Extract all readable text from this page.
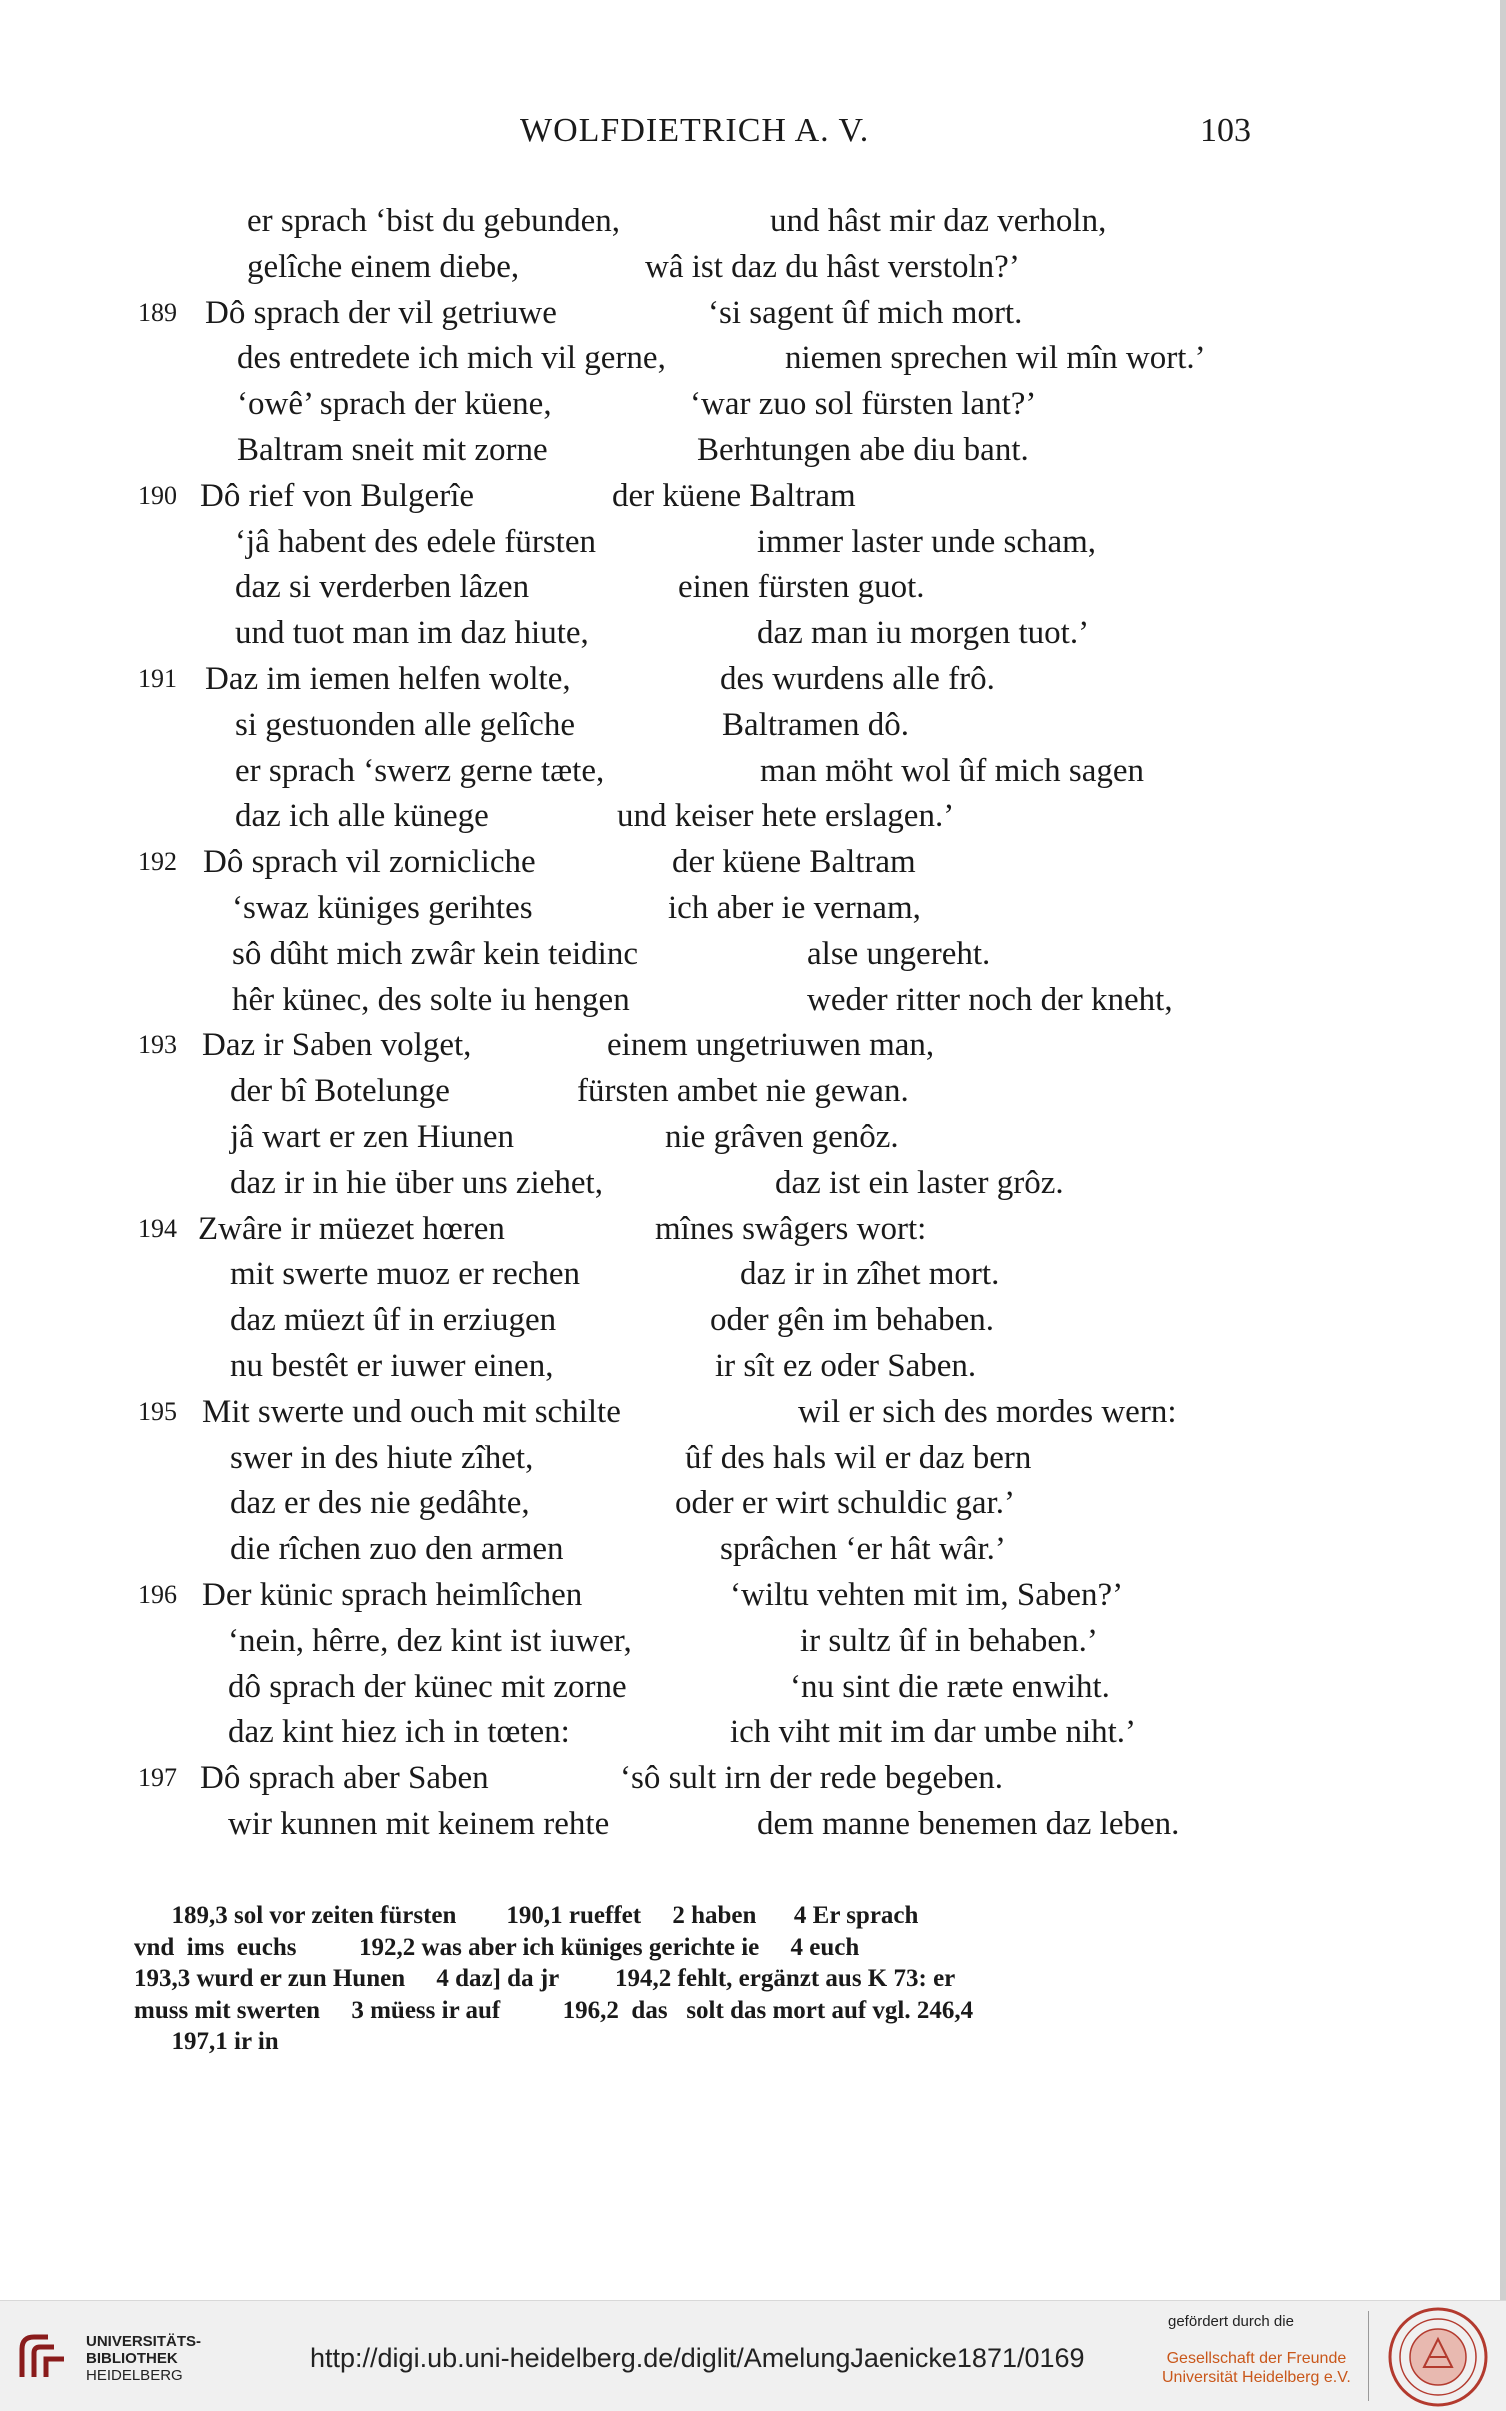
WOLFDIETRICH A. V.	103
er sprach ‘bist du gebunden,	und hâst mir daz verholn,
gelîche einem diebe,	wâ ist daz du hâst verstoln?’
189 Dô sprach der vil getriuwe	‘si sagent ûf mich mort.
des entredete ich mich vil gerne,	niemen sprechen wil mîn wort.’
‘owê’ sprach der küene,	‘war zuo sol fürsten lant?’
Baltram sneit mit zorne	Berhtungen abe diu bant.
190 Dô rief von Bulgerîe	der küene Baltram
‘jâ habent des edele fürsten	immer laster unde scham,
daz si verderben lâzen	einen fürsten guot.
und tuot man im daz hiute,	daz man iu morgen tuot.’
191 Daz im iemen helfen wolte,	des wurdens alle frô.
si gestuonden alle gelîche	Baltramen dô.
er sprach ‘swerz gerne tæte,	man möht wol ûf mich sagen
daz ich alle künege	und keiser hete erslagen.’
192 Dô sprach vil zornicliche	der küene Baltram
‘swaz küniges gerihtes	ich aber ie vernam,
sô dûht mich zwâr kein teidinc	alse ungereht.
hêr künec, des solte iu hengen	weder ritter noch der kneht,
193 Daz ir Saben volget,	einem ungetriuwen man,
der bî Botelunge	fürsten ambet nie gewan.
jâ wart er zen Hiunen	nie grâven genôz.
daz ir in hie über uns ziehet,	daz ist ein laster grôz.
194 Zwâre ir müezet hœren	mînes swâgers wort:
mit swerte muoz er rechen	daz ir in zîhet mort.
daz müezt ûf in erziugen	oder gên im behaben.
nu bestêt er iuwer einen,	ir sît ez oder Saben.
195 Mit swerte und ouch mit schilte	wil er sich des mordes wern:
swer in des hiute zîhet,	ûf des hals wil er daz bern
daz er des nie gedâhte,	oder er wirt schuldic gar.’
die rîchen zuo den armen	sprâchen ‘er hât wâr.’
196 Der künic sprach heimlîchen	‘wiltu vehten mit im, Saben?’
‘nein, hêrre, dez kint ist iuwer,	ir sultz ûf in behaben.’
dô sprach der künec mit zorne	‘nu sint die ræte enwiht.
daz kint hiez ich in tœten:	ich viht mit im dar umbe niht.’
197 Dô sprach aber Saben	‘sô sult irn der rede begeben.
wir kunnen mit keinem rehte	dem manne benemen daz leben.
189,3 sol vor zeiten fürsten        190,1 rueffet     2 haben      4 Er sprach
vnd  ims  euchs          192,2 was aber ich küniges gerichte ie     4 euch
193,3 wurd er zun Hunen     4 daz] da jr         194,2 fehlt, ergänzt aus K 73: er
muss mit swerten     3 müess ir auf          196,2  das   solt das mort auf vgl. 246,4
197,1 ir in
UNIVERSITÄTS-
BIBLIOTHEK
HEIDELBERG
http://digi.ub.uni-heidelberg.de/diglit/AmelungJaenicke1871/0169
gefördert durch die
Gesellschaft der Freunde
Universität Heidelberg e.V.
